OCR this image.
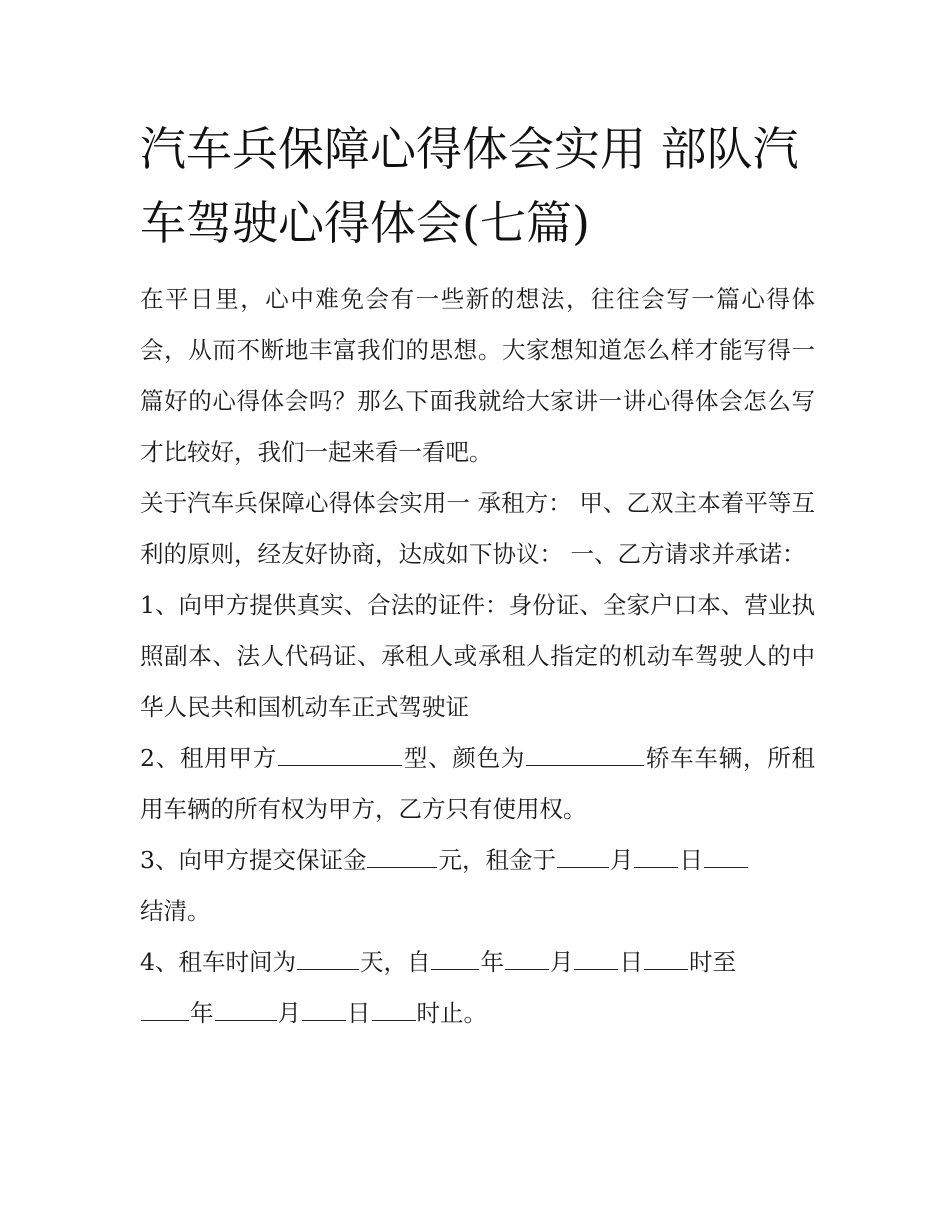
汽车兵保障心得体会实用 部队汽车驾驶心得体会(七篇)

在平日里，心中难免会有一些新的想法，往往会写一篇心得体会，从而不断地丰富我们的思想。大家想知道怎么样才能写得一篇好的心得体会吗？那么下面我就给大家讲一讲心得体会怎么写才比较好，我们一起来看一看吧。

关于汽车兵保障心得体会实用一 承租方： 甲、乙双主本着平等互利的原则，经友好协商，达成如下协议： 一、乙方请求并承诺：

1、向甲方提供真实、合法的证件：身份证、全家户口本、营业执照副本、法人代码证、承租人或承租人指定的机动车驾驶人的中华人民共和国机动车正式驾驶证

2、租用甲方	型、颜色为	轿车车辆，所租用车辆的所有权为甲方，乙方只有使用权。

3、向甲方提交保证金	元，租金于 月 日
结清。

4、租车时间为	天，自 年 月 日 时至
年	月 日 时止。
